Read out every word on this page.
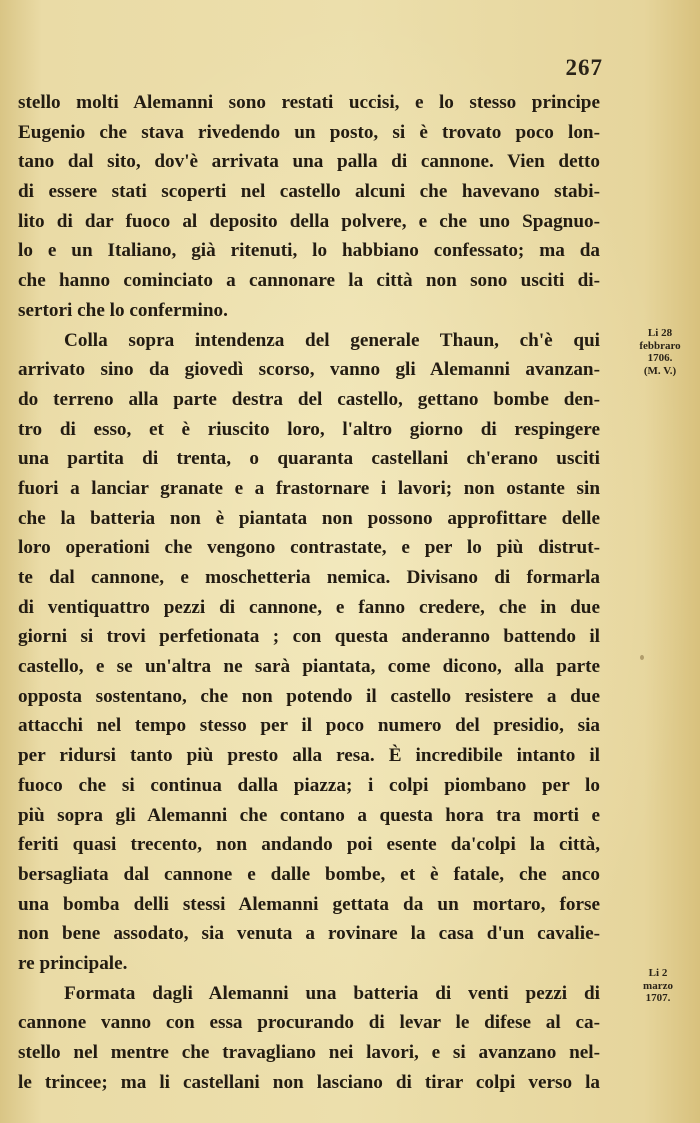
267
stello molti Alemanni sono restati uccisi, e lo stesso principe
Eugenio che stava rivedendo un posto, si è trovato poco lon-
tano dal sito, dov'è arrivata una palla di cannone. Vien detto
di essere stati scoperti nel castello alcuni che havevano stabi-
lito di dar fuoco al deposito della polvere, e che uno Spagnuo-
lo e un Italiano, già ritenuti, lo habbiano confessato; ma da
che hanno cominciato a cannonare la città non sono usciti di-
sertori che lo confermino.
Colla sopra intendenza del generale Thaun, ch'è qui
arrivato sino da giovedì scorso, vanno gli Alemanni avanzan-
do terreno alla parte destra del castello, gettano bombe den-
tro di esso, et è riuscito loro, l'altro giorno di respingere
una partita di trenta, o quaranta castellani ch'erano usciti
fuori a lanciar granate e a frastornare i lavori; non ostante sin
che la batteria non è piantata non possono approfittare delle
loro operationi che vengono contrastate, e per lo più distrut-
te dal cannone, e moschetteria nemica. Divisano di formarla
di ventiquattro pezzi di cannone, e fanno credere, che in due
giorni si trovi perfetionata ; con questa anderanno battendo il
castello, e se un'altra ne sarà piantata, come dicono, alla parte
opposta sostentano, che non potendo il castello resistere a due
attacchi nel tempo stesso per il poco numero del presidio, sia
per ridursi tanto più presto alla resa. È incredibile intanto il
fuoco che si continua dalla piazza; i colpi piombano per lo
più sopra gli Alemanni che contano a questa hora tra morti e
feriti quasi trecento, non andando poi esente da'colpi la città,
bersagliata dal cannone e dalle bombe, et è fatale, che anco
una bomba delli stessi Alemanni gettata da un mortaro, forse
non bene assodato, sia venuta a rovinare la casa d'un cavalie-
re principale.
Formata dagli Alemanni una batteria di venti pezzi di
cannone vanno con essa procurando di levar le difese al ca-
stello nel mentre che travagliano nei lavori, e si avanzano nel-
le trincee; ma li castellani non lasciano di tirar colpi verso la
Li 28
febbraro
1706.
(M. V.)
Li 2
marzo
1707.
